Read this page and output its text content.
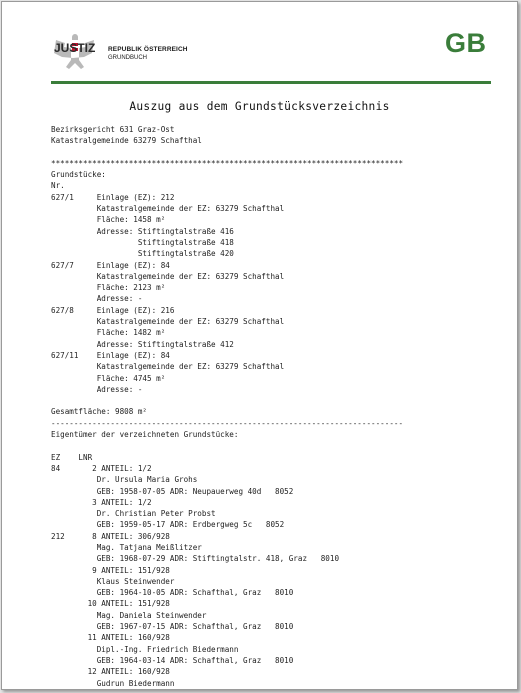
JUSTIZ REPUBLIK ÖSTERREICH
GRUNDBUCH	GB
Auszug aus dem Grundstücksverzeichnis
Bezirksgericht 631 Graz-Ost
Katastralgemeinde 63279 Schafthal
*****************************************************************************
Grundstücke:
Nr.
627/1     Einlage (EZ): 212
Katastralgemeinde der EZ: 63279 Schafthal
Fläche: 1458 m²
Adresse: Stiftingtalstraße 416
Stiftingtalstraße 418
Stiftingtalstraße 420
627/7     Einlage (EZ): 84
Katastralgemeinde der EZ: 63279 Schafthal
Fläche: 2123 m²
Adresse: -
627/8     Einlage (EZ): 216
Katastralgemeinde der EZ: 63279 Schafthal
Fläche: 1482 m²
Adresse: Stiftingtalstraße 412
627/11    Einlage (EZ): 84
Katastralgemeinde der EZ: 63279 Schafthal
Fläche: 4745 m²
Adresse: -
Gesamtfläche: 9808 m²
-----------------------------------------------------------------------------
Eigentümer der verzeichneten Grundstücke:
EZ    LNR
84       2 ANTEIL: 1/2
Dr. Ursula Maria Grohs
GEB: 1958-07-05 ADR: Neupauerweg 40d   8052
3 ANTEIL: 1/2
Dr. Christian Peter Probst
GEB: 1959-05-17 ADR: Erdbergweg 5c   8052
212      8 ANTEIL: 306/928
Mag. Tatjana Meißlitzer
GEB: 1968-07-29 ADR: Stiftingtalstr. 418, Graz   8010
9 ANTEIL: 151/928
Klaus Steinwender
GEB: 1964-10-05 ADR: Schafthal, Graz   8010
10 ANTEIL: 151/928
Mag. Daniela Steinwender
GEB: 1967-07-15 ADR: Schafthal, Graz   8010
11 ANTEIL: 160/928
Dipl.-Ing. Friedrich Biedermann
GEB: 1964-03-14 ADR: Schafthal, Graz   8010
12 ANTEIL: 160/928
Gudrun Biedermann
